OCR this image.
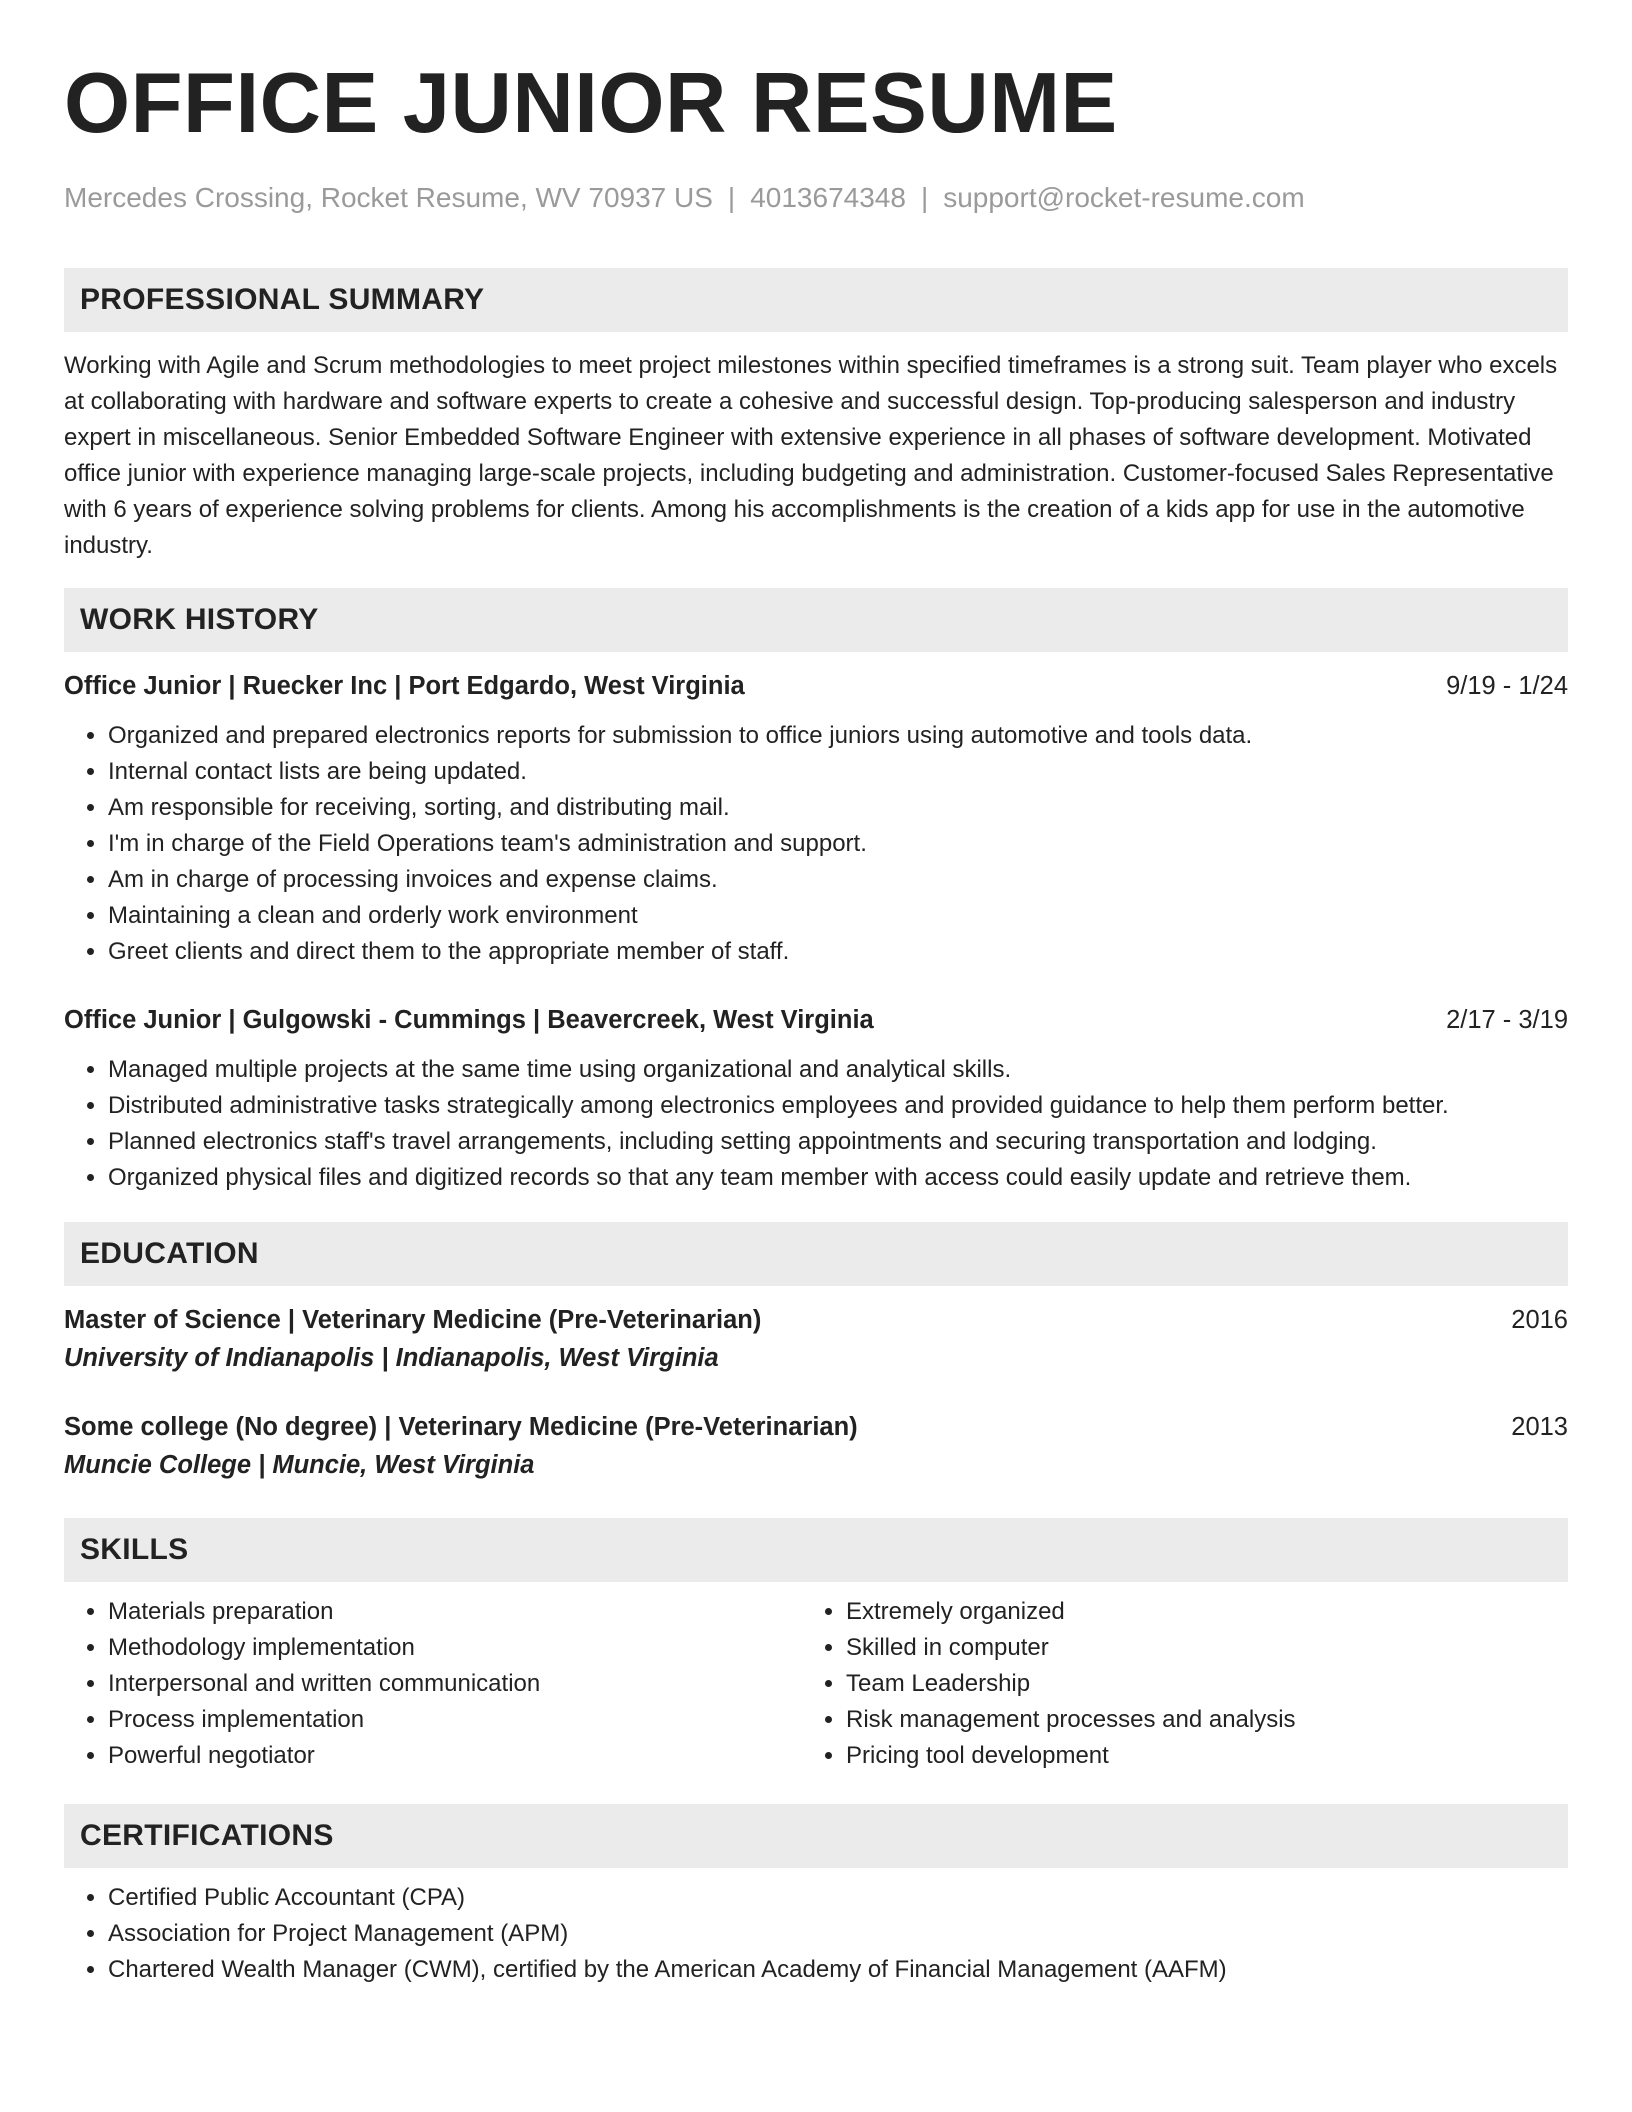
OFFICE JUNIOR RESUME
Mercedes Crossing, Rocket Resume, WV 70937 US | 4013674348 | support@rocket-resume.com
PROFESSIONAL SUMMARY

Working with Agile and Scrum methodologies to meet project milestones within specified timeframes is a strong suit. Team player who excels at collaborating with hardware and software experts to create a cohesive and successful design. Top-producing salesperson and industry expert in miscellaneous. Senior Embedded Software Engineer with extensive experience in all phases of software development. Motivated office junior with experience managing large-scale projects, including budgeting and administration. Customer-focused Sales Representative with 6 years of experience solving problems for clients. Among his accomplishments is the creation of a kids app for use in the automotive industry.

WORK HISTORY
Office Junior | Ruecker Inc | Port Edgardo, West Virginia	9/19 - 1/24
• Organized and prepared electronics reports for submission to office juniors using automotive and tools data.
• Internal contact lists are being updated.
• Am responsible for receiving, sorting, and distributing mail.
• I'm in charge of the Field Operations team's administration and support.
• Am in charge of processing invoices and expense claims.
• Maintaining a clean and orderly work environment
• Greet clients and direct them to the appropriate member of staff.
Office Junior | Gulgowski - Cummings | Beavercreek, West Virginia	2/17 - 3/19
• Managed multiple projects at the same time using organizational and analytical skills.
• Distributed administrative tasks strategically among electronics employees and provided guidance to help them perform better.
• Planned electronics staff's travel arrangements, including setting appointments and securing transportation and lodging.
• Organized physical files and digitized records so that any team member with access could easily update and retrieve them.
EDUCATION
Master of Science | Veterinary Medicine (Pre-Veterinarian)	2016
University of Indianapolis | Indianapolis, West Virginia
Some college (No degree) | Veterinary Medicine (Pre-Veterinarian)	2013
Muncie College | Muncie, West Virginia
SKILLS
• Materials preparation
• Methodology implementation
• Interpersonal and written communication
• Process implementation
• Powerful negotiator
• Extremely organized
• Skilled in computer
• Team Leadership
• Risk management processes and analysis
• Pricing tool development
CERTIFICATIONS
• Certified Public Accountant (CPA)
• Association for Project Management (APM)
• Chartered Wealth Manager (CWM), certified by the American Academy of Financial Management (AAFM)
